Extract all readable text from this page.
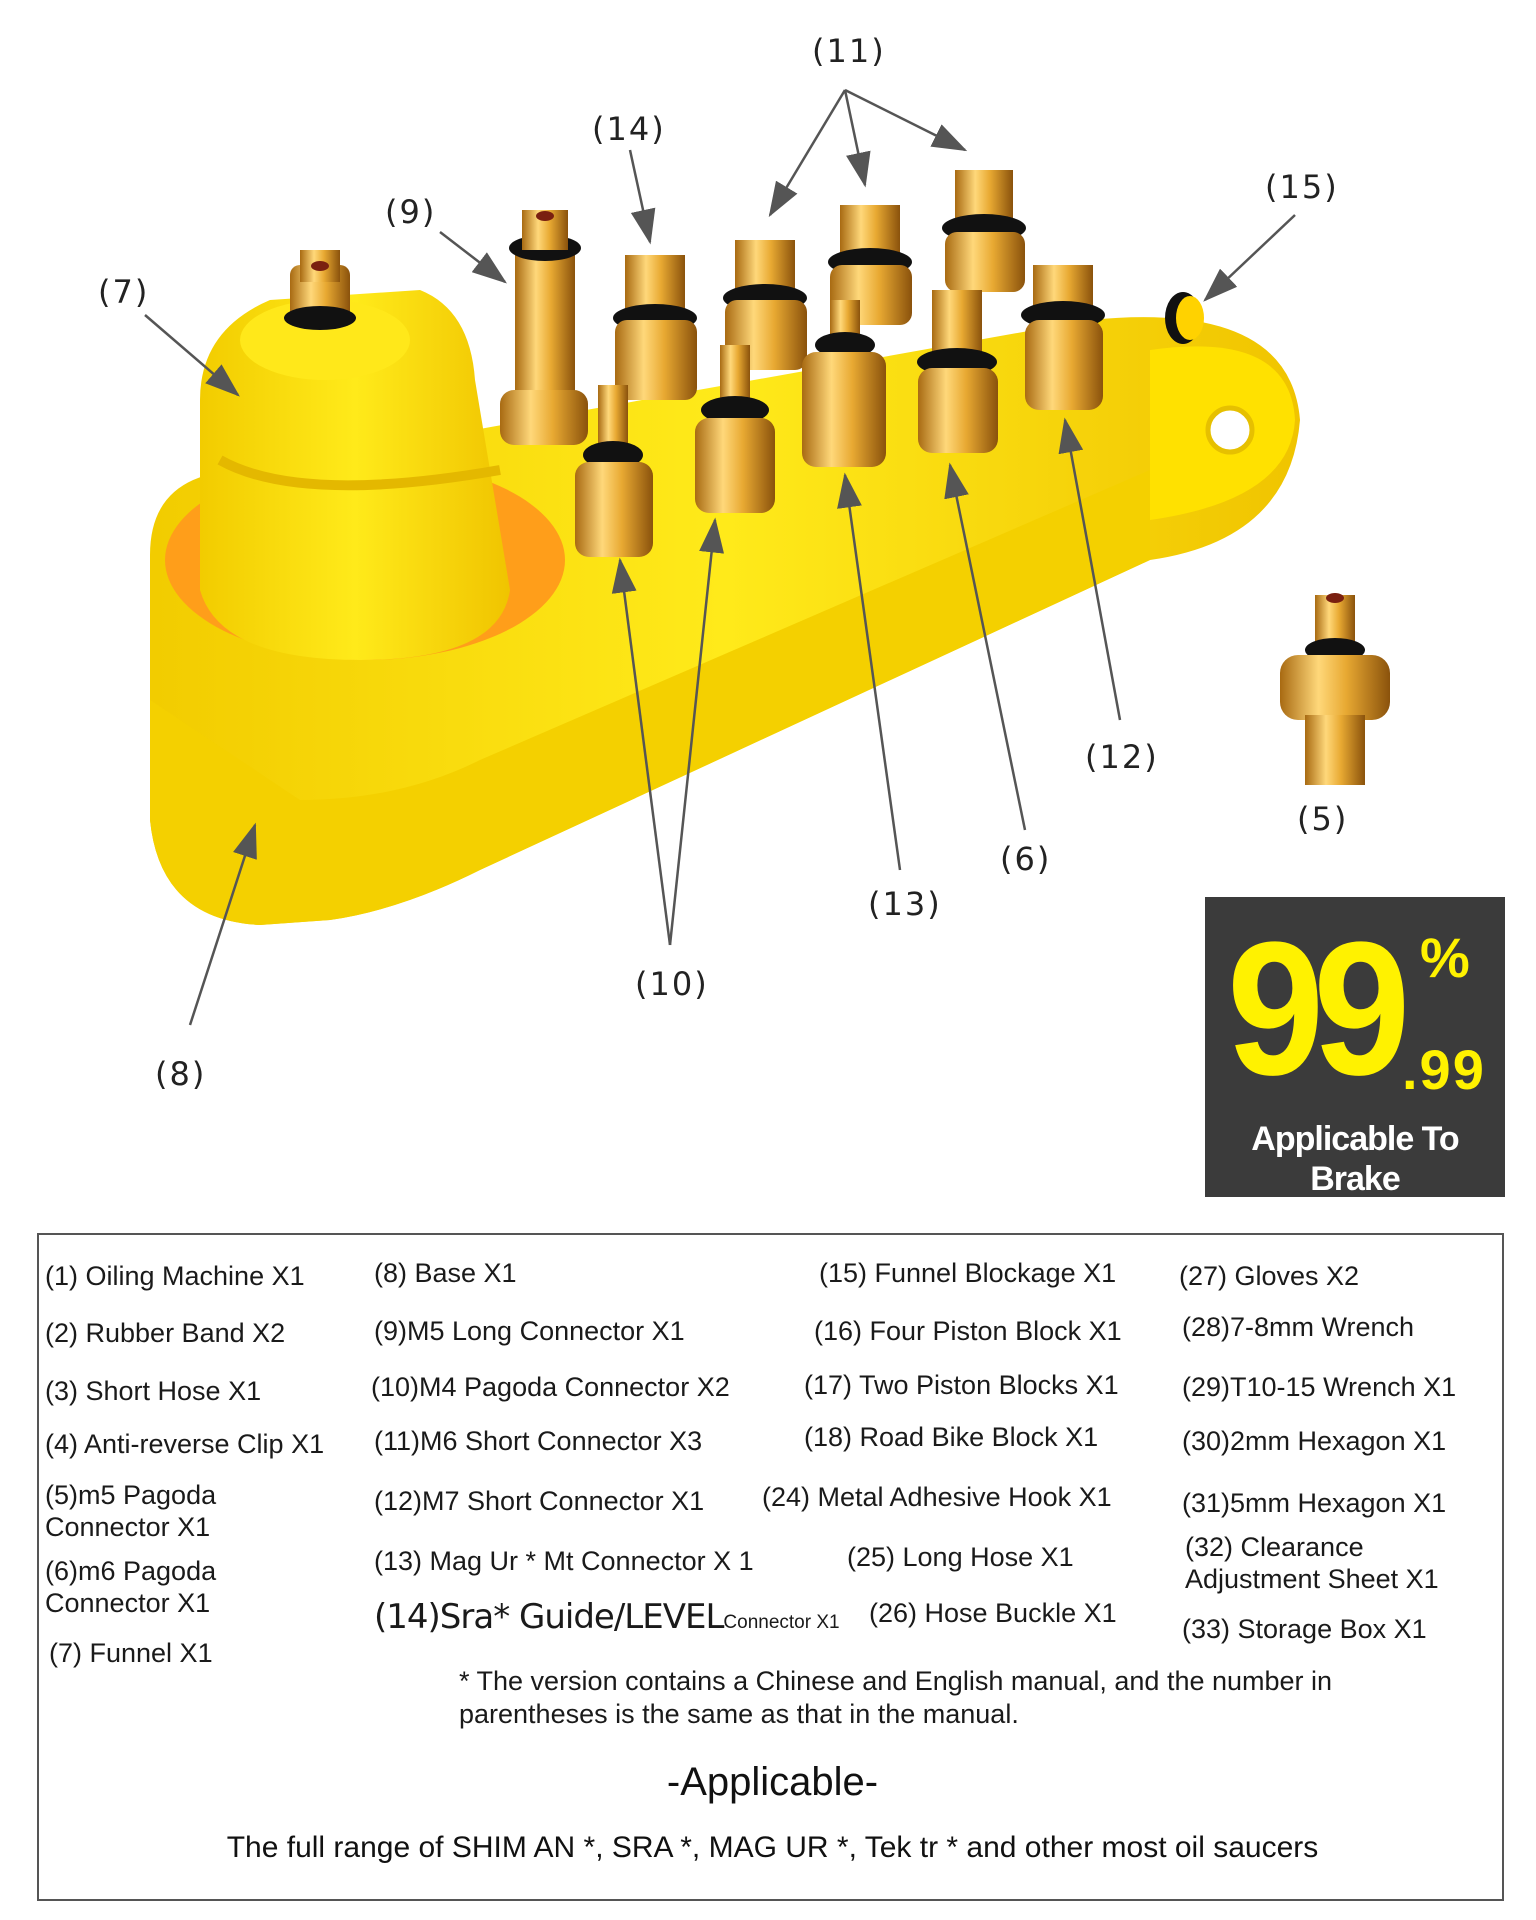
(11)
(14)
(9)
(15)
(7)
(12)
(5)
(6)
(13)
(10)
(8)	99 %
.99
Applicable To
Brake
(1) Oiling Machine X1
(2) Rubber Band X2
(3) Short Hose X1
(4) Anti-reverse Clip X1
(5)m5 Pagoda
Connector X1
(6)m6 Pagoda
Connector X1
(7) Funnel X1
(8) Base X1
(9)M5 Long Connector X1
(10)M4 Pagoda Connector X2
(11)M6 Short Connector X3
(12)M7 Short Connector X1
(13) Mag Ur * Mt Connector X 1
(14)Sra* Guide/LEVELConnector X1
(15) Funnel Blockage X1
(16) Four Piston Block X1
(17) Two Piston Blocks X1
(18) Road Bike Block X1
(24) Metal Adhesive Hook X1
(25) Long Hose X1
(26) Hose Buckle X1
(27) Gloves X2
(28)7-8mm Wrench
(29)T10-15 Wrench X1
(30)2mm Hexagon X1
(31)5mm Hexagon X1
(32) Clearance
Adjustment Sheet X1
(33) Storage Box X1
* The version contains a Chinese and English manual, and the number in
parentheses is the same as that in the manual.
-Applicable-
The full range of SHIM AN *, SRA *, MAG UR *, Tek tr * and other most oil saucers
